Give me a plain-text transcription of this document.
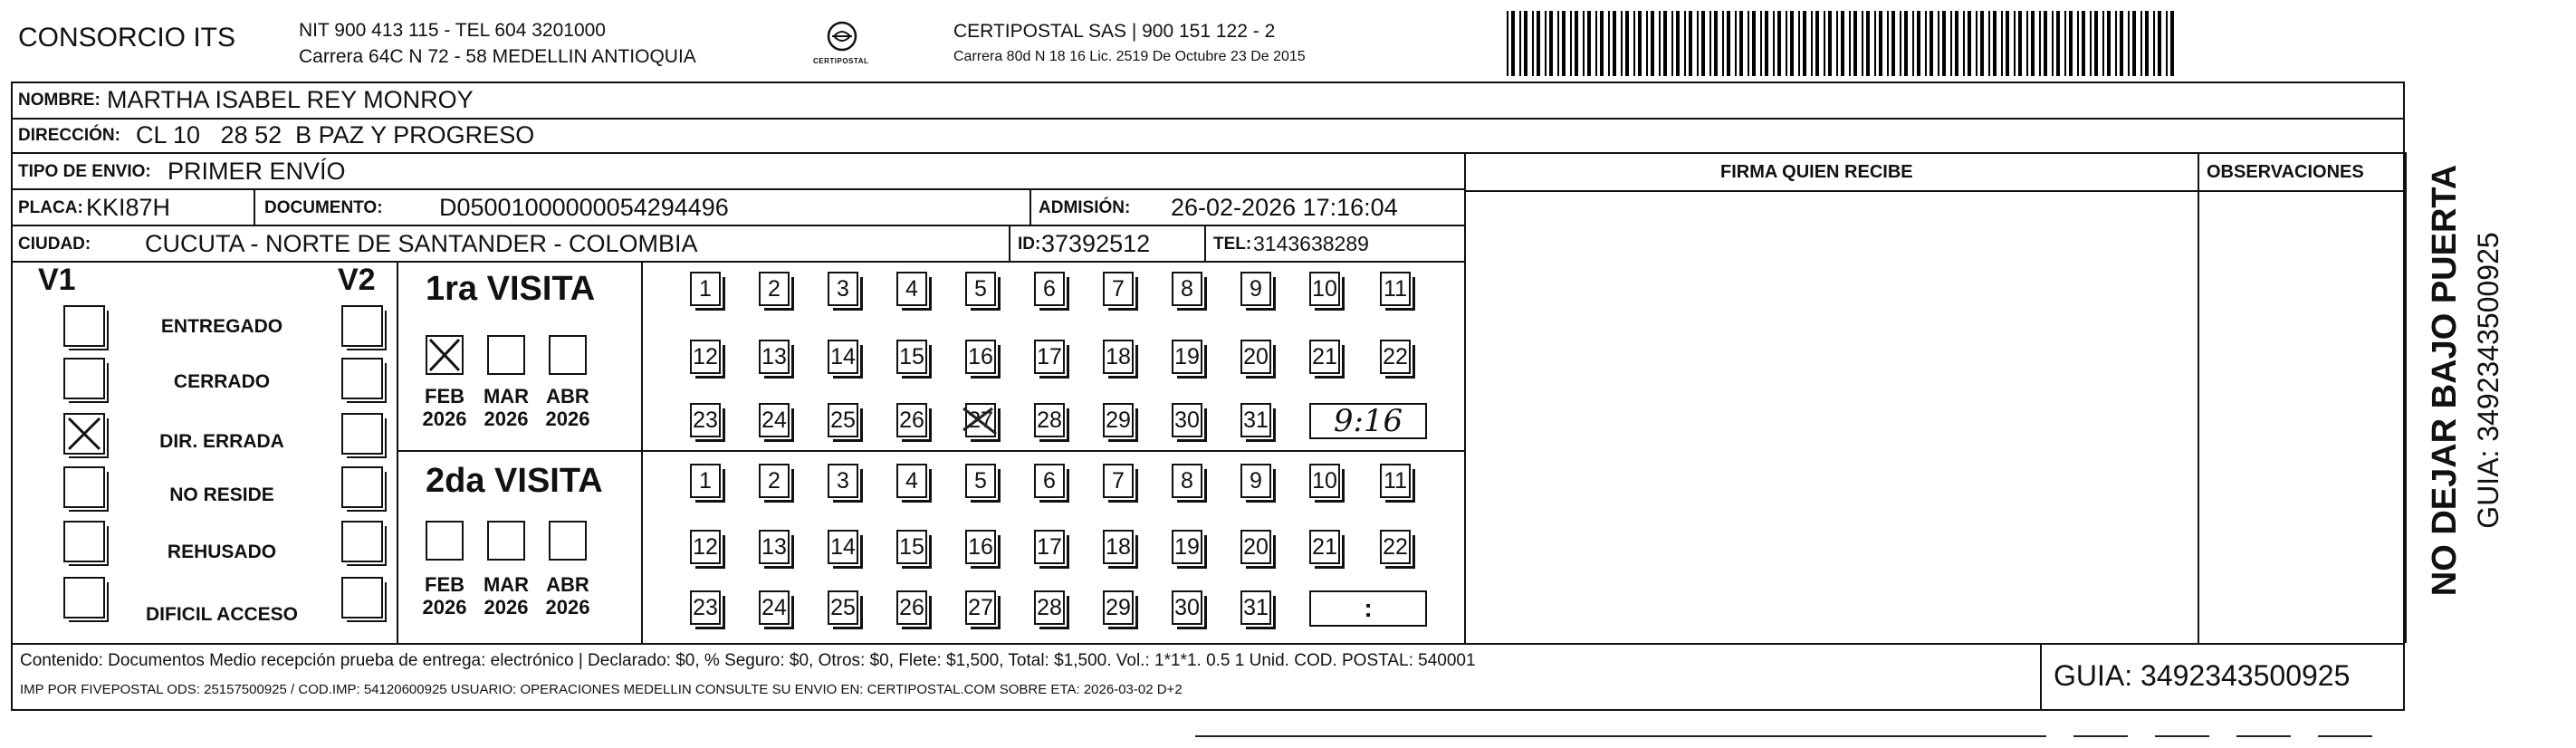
CONSORCIO ITS	NIT 900 413 115 - TEL 604 3201000
Carrera 64C N 72 - 58 MEDELLIN ANTIOQUIA	CERTIPOSTAL
CERTIPOSTAL SAS | 900 151 122 - 2
Carrera 80d N 18 16 Lic. 2519 De Octubre 23 De 2015
NOMBRE: MARTHA ISABEL REY MONROY
DIRECCIÓN: CL 10   28 52  B PAZ Y PROGRESO
TIPO DE ENVIO: PRIMER ENVÍO	FIRMA QUIEN RECIBE	OBSERVACIONES
PLACA: KKI87H	DOCUMENTO: D05001000000054294496	ADMISIÓN: 26-02-2026 17:16:04
CIUDAD: CUCUTA - NORTE DE SANTANDER - COLOMBIA	ID: 37392512	TEL: 3143638289
V1	V2
ENTREGADO
CERRADO
DIR. ERRADA
NO RESIDE
REHUSADO
DIFICIL ACCESO
1ra VISITA
2da VISITA
FEB
2026
MAR
2026
ABR
2026
1 2 3 4 5 6 7 8 9 10 11
12 13 14 15 16 17 18 19 20 21 22
23 24 25 26 27 28 29 30 31 9:16
FEB
2026
MAR
2026
ABR
2026
1 2 3 4 5 6 7 8 9 10 11
12 13 14 15 16 17 18 19 20 21 22
23 24 25 26 27 28 29 30 31	:
Contenido: Documentos Medio recepción prueba de entrega: electrónico | Declarado: $0, % Seguro: $0, Otros: $0, Flete: $1,500, Total: $1,500. Vol.: 1*1*1. 0.5 1 Unid. COD. POSTAL: 540001
IMP POR FIVEPOSTAL ODS: 25157500925 / COD.IMP: 54120600925 USUARIO: OPERACIONES MEDELLIN CONSULTE SU ENVIO EN: CERTIPOSTAL.COM SOBRE ETA: 2026-03-02 D+2	GUIA: 3492343500925
NO DEJAR BAJO PUERTA GUIA: 3492343500925
